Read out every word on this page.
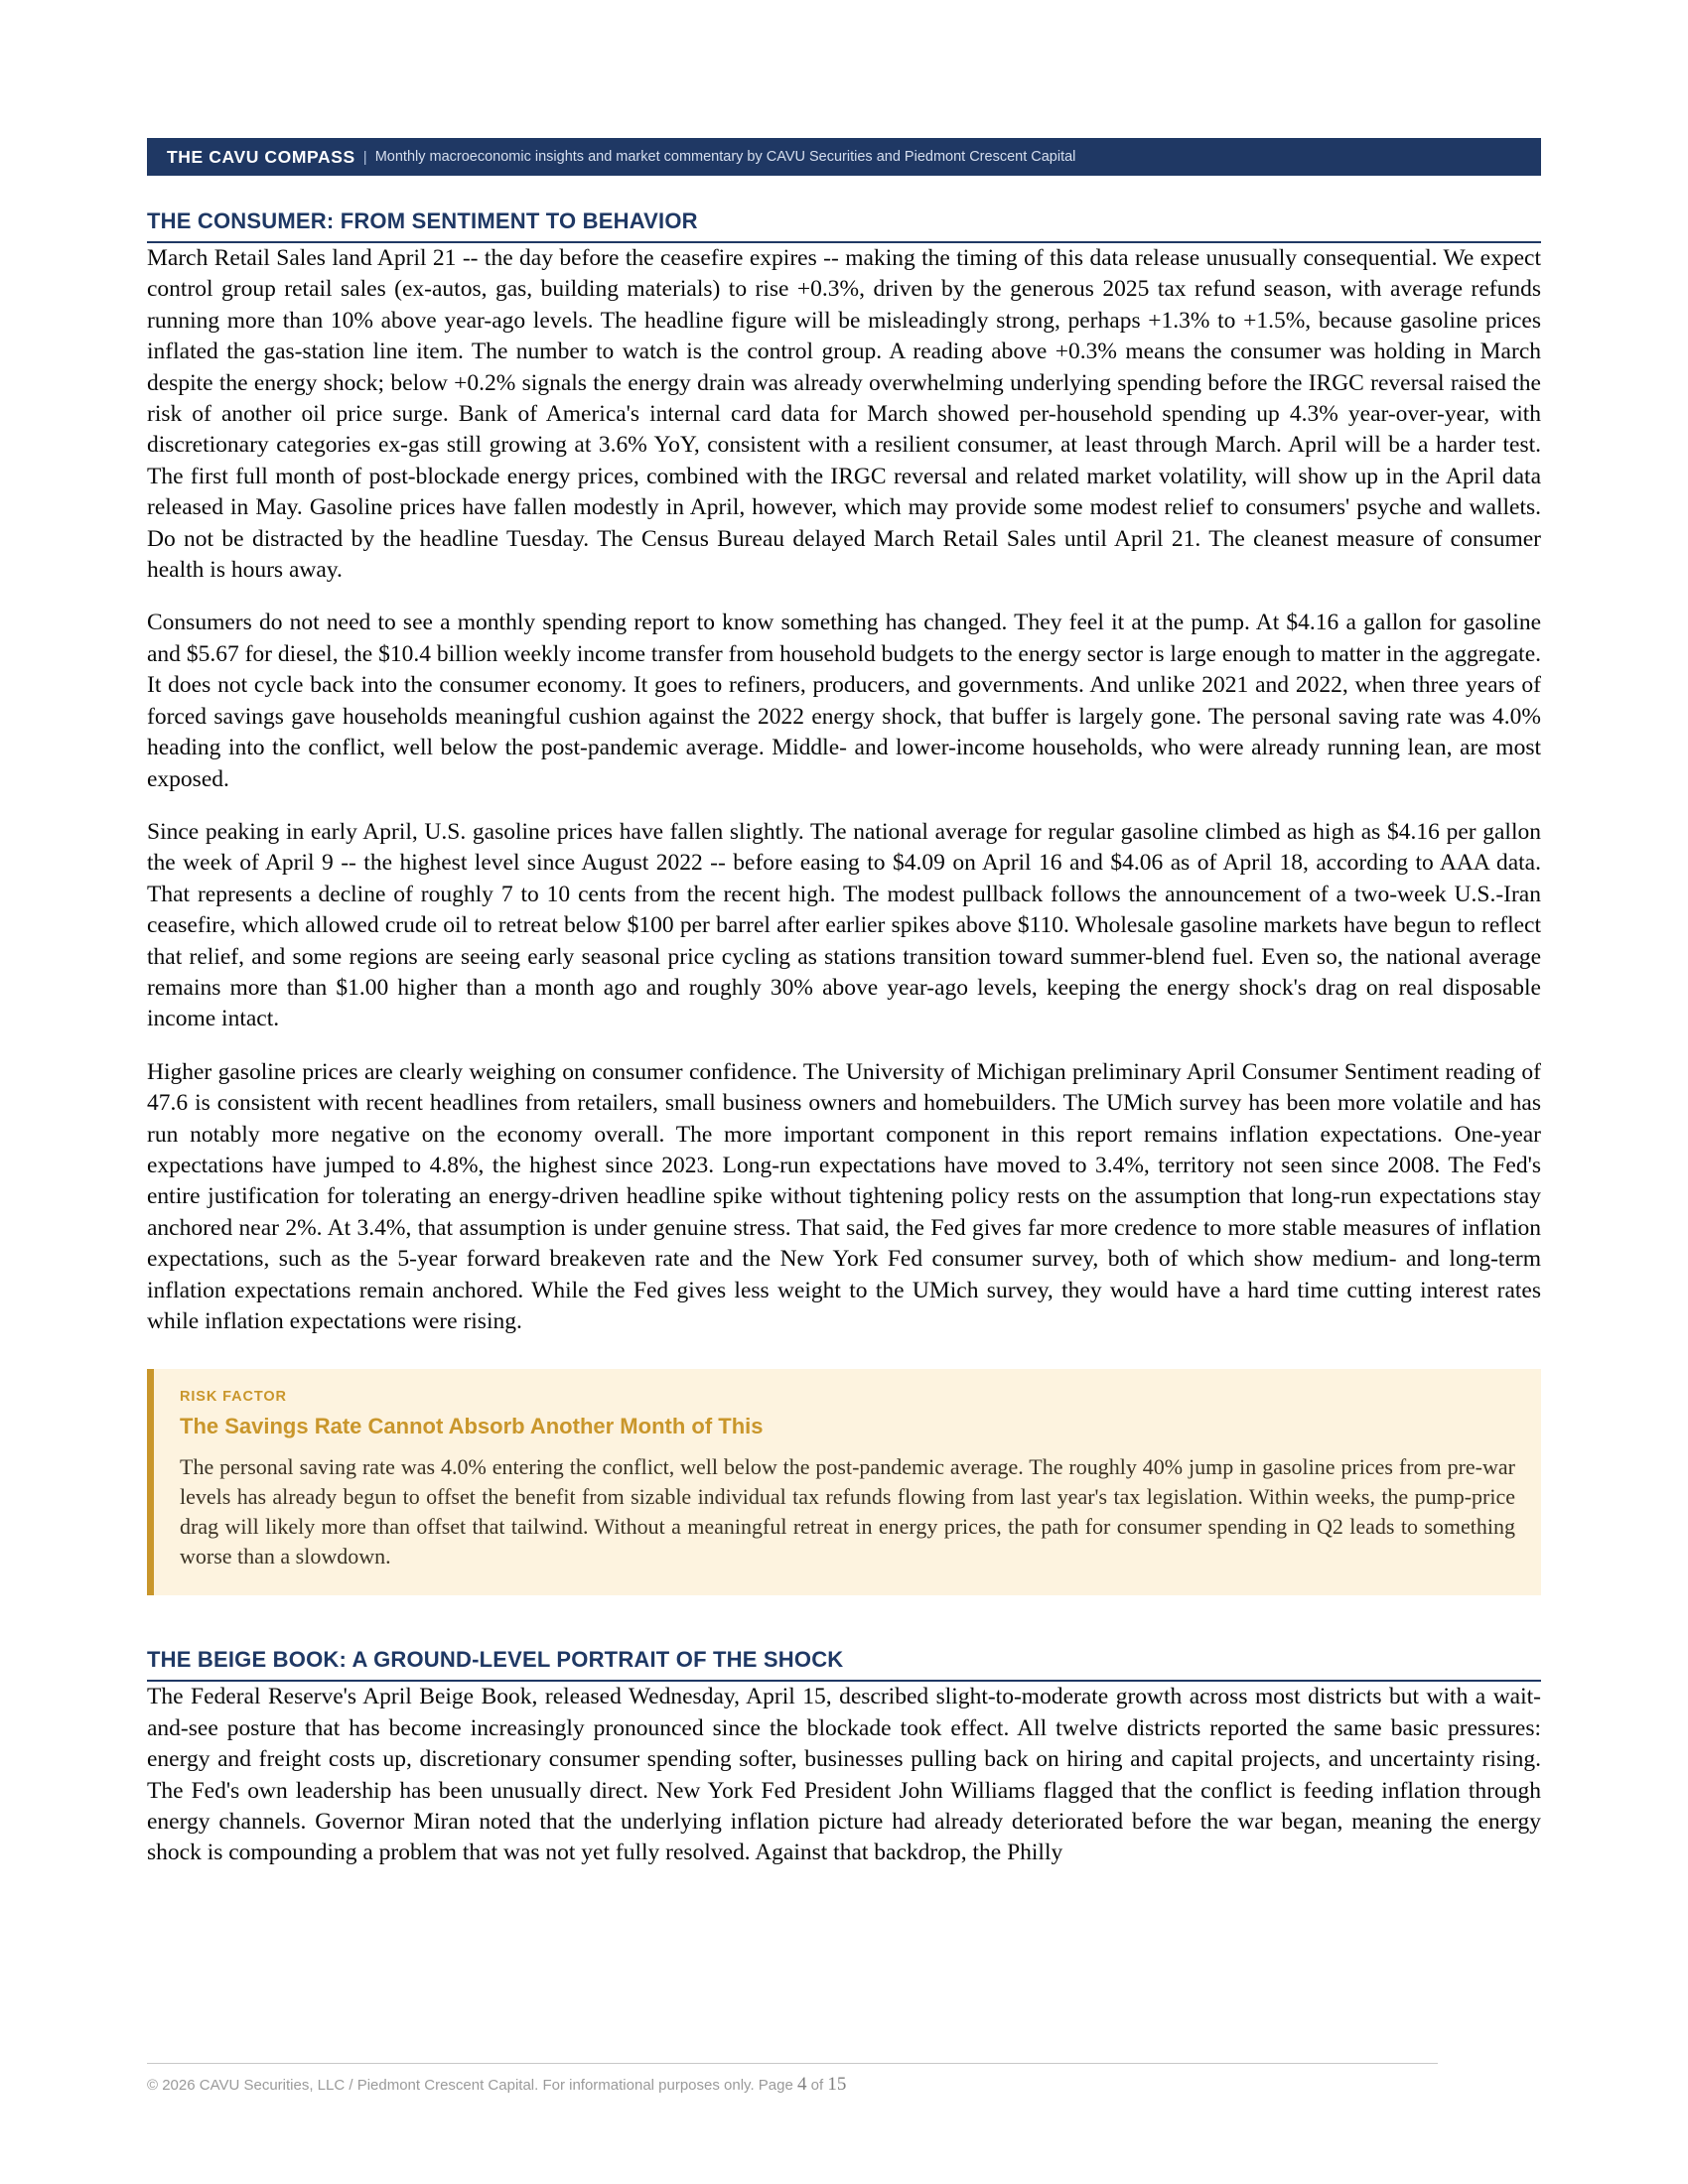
THE CAVU COMPASS | Monthly macroeconomic insights and market commentary by CAVU Securities and Piedmont Crescent Capital
THE CONSUMER: FROM SENTIMENT TO BEHAVIOR

March Retail Sales land April 21 -- the day before the ceasefire expires -- making the timing of this data release unusually consequential. We expect control group retail sales (ex-autos, gas, building materials) to rise +0.3%, driven by the generous 2025 tax refund season, with average refunds running more than 10% above year-ago levels. The headline figure will be misleadingly strong, perhaps +1.3% to +1.5%, because gasoline prices inflated the gas-station line item. The number to watch is the control group. A reading above +0.3% means the consumer was holding in March despite the energy shock; below +0.2% signals the energy drain was already overwhelming underlying spending before the IRGC reversal raised the risk of another oil price surge. Bank of America's internal card data for March showed per-household spending up 4.3% year-over-year, with discretionary categories ex-gas still growing at 3.6% YoY, consistent with a resilient consumer, at least through March. April will be a harder test. The first full month of post-blockade energy prices, combined with the IRGC reversal and related market volatility, will show up in the April data released in May. Gasoline prices have fallen modestly in April, however, which may provide some modest relief to consumers' psyche and wallets. Do not be distracted by the headline Tuesday. The Census Bureau delayed March Retail Sales until April 21. The cleanest measure of consumer health is hours away.

Consumers do not need to see a monthly spending report to know something has changed. They feel it at the pump. At $4.16 a gallon for gasoline and $5.67 for diesel, the $10.4 billion weekly income transfer from household budgets to the energy sector is large enough to matter in the aggregate. It does not cycle back into the consumer economy. It goes to refiners, producers, and governments. And unlike 2021 and 2022, when three years of forced savings gave households meaningful cushion against the 2022 energy shock, that buffer is largely gone. The personal saving rate was 4.0% heading into the conflict, well below the post-pandemic average. Middle- and lower-income households, who were already running lean, are most exposed.

Since peaking in early April, U.S. gasoline prices have fallen slightly. The national average for regular gasoline climbed as high as $4.16 per gallon the week of April 9 -- the highest level since August 2022 -- before easing to $4.09 on April 16 and $4.06 as of April 18, according to AAA data. That represents a decline of roughly 7 to 10 cents from the recent high. The modest pullback follows the announcement of a two-week U.S.-Iran ceasefire, which allowed crude oil to retreat below $100 per barrel after earlier spikes above $110. Wholesale gasoline markets have begun to reflect that relief, and some regions are seeing early seasonal price cycling as stations transition toward summer-blend fuel. Even so, the national average remains more than $1.00 higher than a month ago and roughly 30% above year-ago levels, keeping the energy shock's drag on real disposable income intact.

Higher gasoline prices are clearly weighing on consumer confidence. The University of Michigan preliminary April Consumer Sentiment reading of 47.6 is consistent with recent headlines from retailers, small business owners and homebuilders. The UMich survey has been more volatile and has run notably more negative on the economy overall. The more important component in this report remains inflation expectations. One-year expectations have jumped to 4.8%, the highest since 2023. Long-run expectations have moved to 3.4%, territory not seen since 2008. The Fed's entire justification for tolerating an energy-driven headline spike without tightening policy rests on the assumption that long-run expectations stay anchored near 2%. At 3.4%, that assumption is under genuine stress. That said, the Fed gives far more credence to more stable measures of inflation expectations, such as the 5-year forward breakeven rate and the New York Fed consumer survey, both of which show medium- and long-term inflation expectations remain anchored. While the Fed gives less weight to the UMich survey, they would have a hard time cutting interest rates while inflation expectations were rising.

RISK FACTOR
The Savings Rate Cannot Absorb Another Month of This
The personal saving rate was 4.0% entering the conflict, well below the post-pandemic average. The roughly 40% jump in gasoline prices from pre-war levels has already begun to offset the benefit from sizable individual tax refunds flowing from last year's tax legislation. Within weeks, the pump-price drag will likely more than offset that tailwind. Without a meaningful retreat in energy prices, the path for consumer spending in Q2 leads to something worse than a slowdown.
THE BEIGE BOOK: A GROUND-LEVEL PORTRAIT OF THE SHOCK

The Federal Reserve's April Beige Book, released Wednesday, April 15, described slight-to-moderate growth across most districts but with a wait-and-see posture that has become increasingly pronounced since the blockade took effect. All twelve districts reported the same basic pressures: energy and freight costs up, discretionary consumer spending softer, businesses pulling back on hiring and capital projects, and uncertainty rising. The Fed's own leadership has been unusually direct. New York Fed President John Williams flagged that the conflict is feeding inflation through energy channels. Governor Miran noted that the underlying inflation picture had already deteriorated before the war began, meaning the energy shock is compounding a problem that was not yet fully resolved. Against that backdrop, the Philly

© 2026 CAVU Securities, LLC / Piedmont Crescent Capital. For informational purposes only. Page 4 of 15
